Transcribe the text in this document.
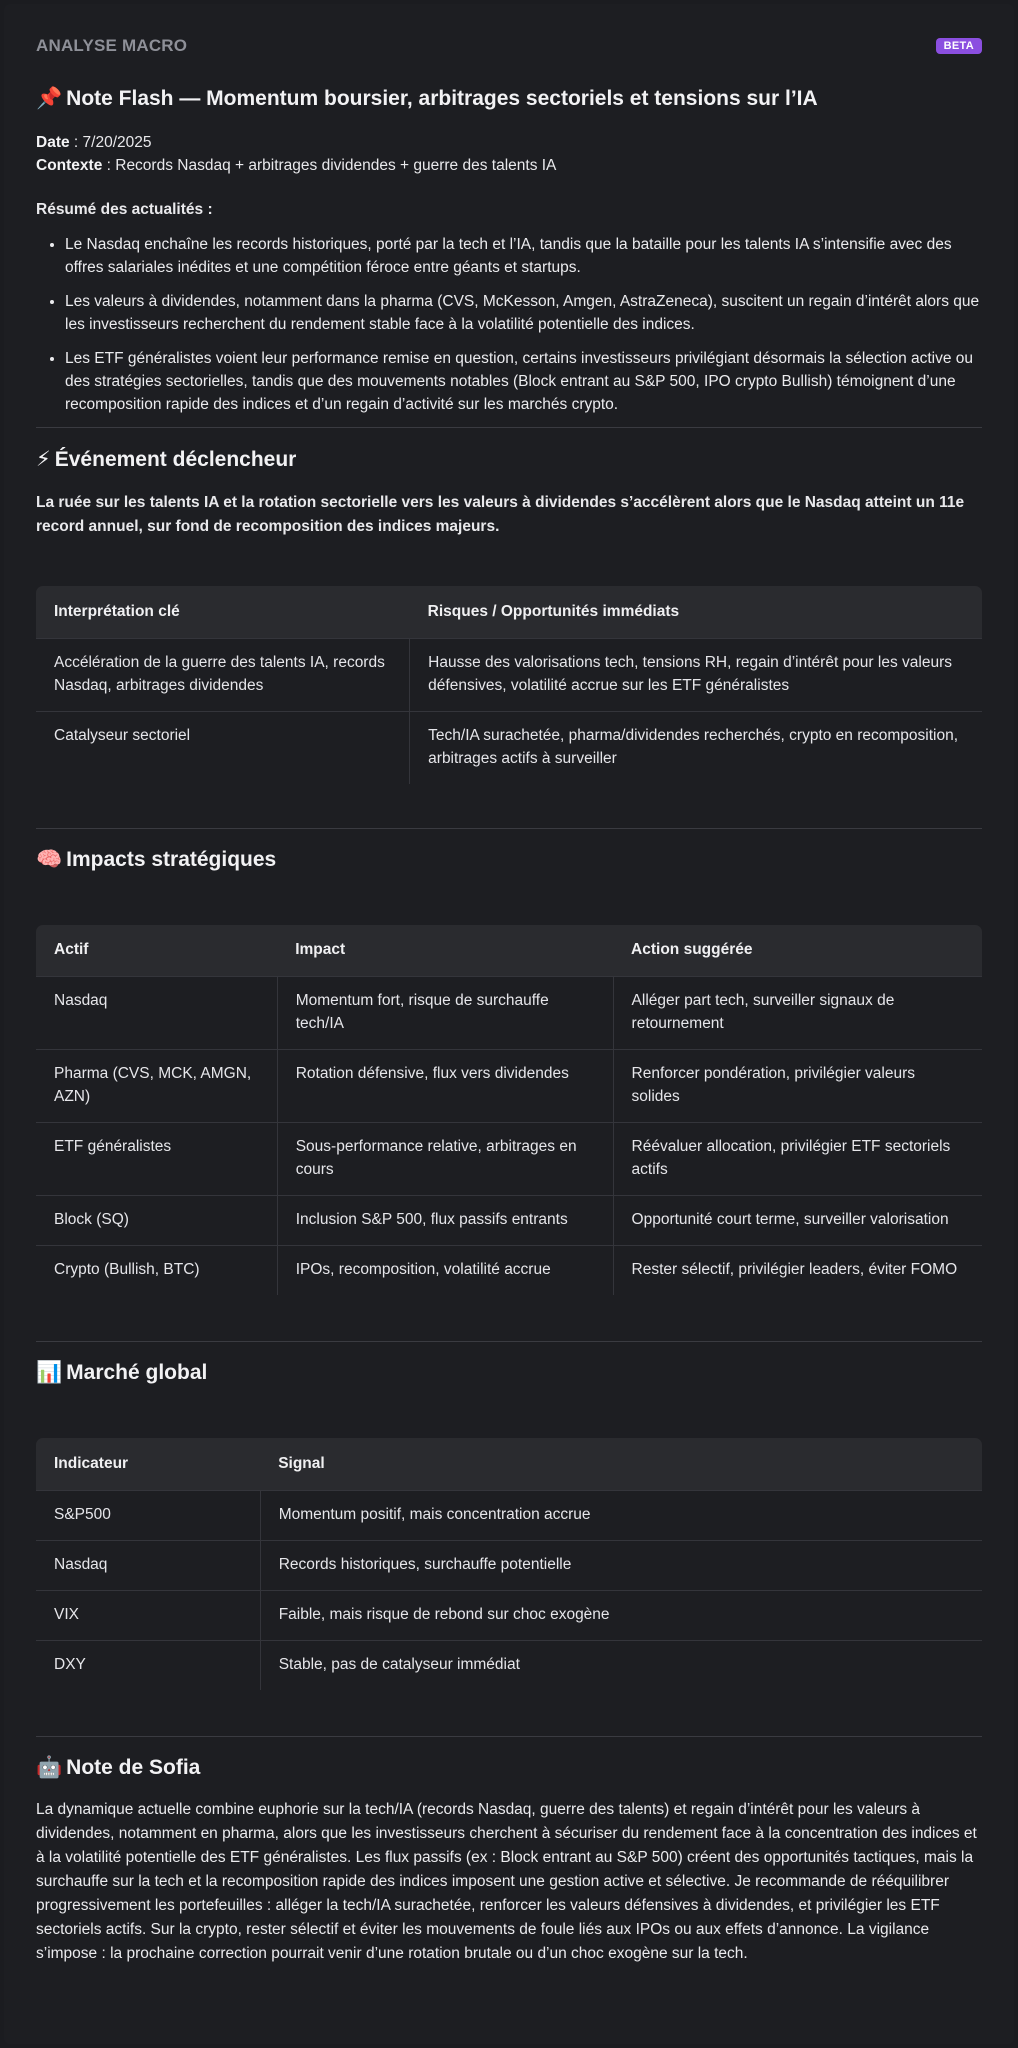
ANALYSE MACRO	BETA
📌 Note Flash — Momentum boursier, arbitrages sectoriels et tensions sur l’IA
Date : 7/20/2025
Contexte : Records Nasdaq + arbitrages dividendes + guerre des talents IA
Résumé des actualités :
• Le Nasdaq enchaîne les records historiques, porté par la tech et l’IA, tandis que la bataille pour les talents IA s’intensifie avec des offres salariales inédites et une compétition féroce entre géants et startups.
• Les valeurs à dividendes, notamment dans la pharma (CVS, McKesson, Amgen, AstraZeneca), suscitent un regain d’intérêt alors que les investisseurs recherchent du rendement stable face à la volatilité potentielle des indices.
• Les ETF généralistes voient leur performance remise en question, certains investisseurs privilégiant désormais la sélection active ou des stratégies sectorielles, tandis que des mouvements notables (Block entrant au S&P 500, IPO crypto Bullish) témoignent d’une recomposition rapide des indices et d’un regain d’activité sur les marchés crypto.
⚡ Événement déclencheur
La ruée sur les talents IA et la rotation sectorielle vers les valeurs à dividendes s’accélèrent alors que le Nasdaq atteint un 11e record annuel, sur fond de recomposition des indices majeurs.
Interprétation clé	Risques / Opportunités immédiats
Accélération de la guerre des talents IA, records Nasdaq, arbitrages dividendes	Hausse des valorisations tech, tensions RH, regain d’intérêt pour les valeurs défensives, volatilité accrue sur les ETF généralistes
Catalyseur sectoriel	Tech/IA surachetée, pharma/dividendes recherchés, crypto en recomposition, arbitrages actifs à surveiller
🧠 Impacts stratégiques
Actif	Impact	Action suggérée
Nasdaq	Momentum fort, risque de surchauffe tech/IA	Alléger part tech, surveiller signaux de retournement
Pharma (CVS, MCK, AMGN, AZN)	Rotation défensive, flux vers dividendes	Renforcer pondération, privilégier valeurs solides
ETF généralistes	Sous-performance relative, arbitrages en cours	Réévaluer allocation, privilégier ETF sectoriels actifs
Block (SQ)	Inclusion S&P 500, flux passifs entrants	Opportunité court terme, surveiller valorisation
Crypto (Bullish, BTC)	IPOs, recomposition, volatilité accrue	Rester sélectif, privilégier leaders, éviter FOMO
📊 Marché global
Indicateur	Signal
S&P500	Momentum positif, mais concentration accrue
Nasdaq	Records historiques, surchauffe potentielle
VIX	Faible, mais risque de rebond sur choc exogène
DXY	Stable, pas de catalyseur immédiat
🤖 Note de Sofia
La dynamique actuelle combine euphorie sur la tech/IA (records Nasdaq, guerre des talents) et regain d’intérêt pour les valeurs à dividendes, notamment en pharma, alors que les investisseurs cherchent à sécuriser du rendement face à la concentration des indices et à la volatilité potentielle des ETF généralistes. Les flux passifs (ex : Block entrant au S&P 500) créent des opportunités tactiques, mais la surchauffe sur la tech et la recomposition rapide des indices imposent une gestion active et sélective. Je recommande de rééquilibrer progressivement les portefeuilles : alléger la tech/IA surachetée, renforcer les valeurs défensives à dividendes, et privilégier les ETF sectoriels actifs. Sur la crypto, rester sélectif et éviter les mouvements de foule liés aux IPOs ou aux effets d’annonce. La vigilance s’impose : la prochaine correction pourrait venir d’une rotation brutale ou d’un choc exogène sur la tech.
